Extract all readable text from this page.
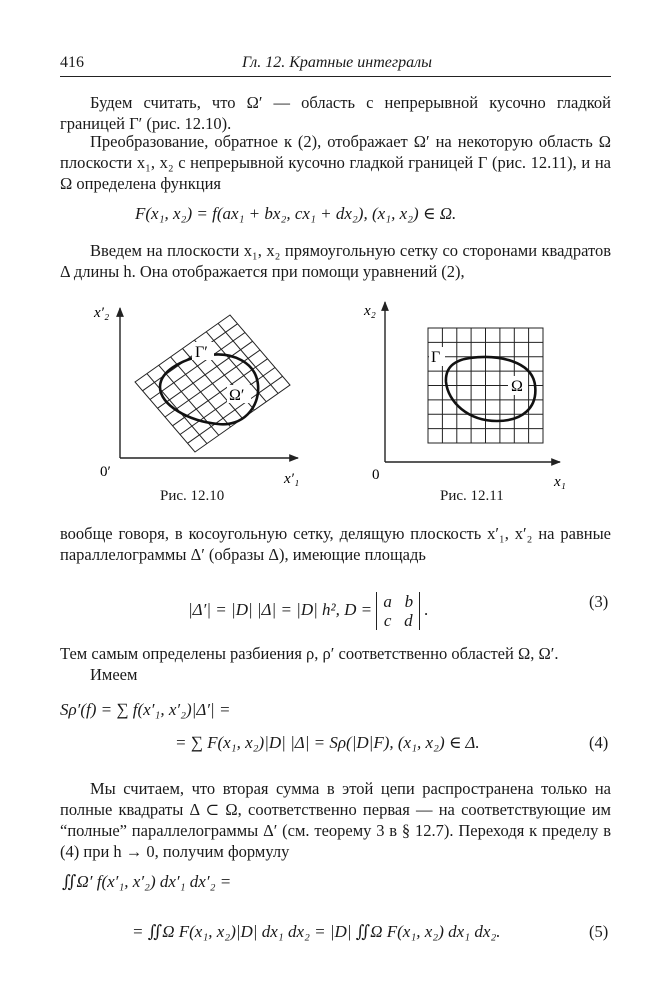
416	Гл. 12. Кратные интегралы
Будем считать, что Ω′ — область с непрерывной кусочно гладкой границей Γ′ (рис. 12.10).
Преобразование, обратное к (2), отображает Ω′ на некоторую область Ω плоскости x₁, x₂ с непрерывной кусочно гладкой границей Γ (рис. 12.11), и на Ω определена функция
F(x₁, x₂) = f(ax₁ + bx₂, cx₁ + dx₂), (x₁, x₂) ∈ Ω.
Введем на плоскости x₁, x₂ прямоугольную сетку со сторонами квадратов Δ длины h. Она отображается при помощи уравнений (2),
x′₂
x′₁
0′
Γ′
Ω′
x₂
x₁
0
Γ
Ω
Рис. 12.10	Рис. 12.11
вообще говоря, в косоугольную сетку, делящую плоскость x′₁, x′₂ на равные параллелограммы Δ′ (образы Δ), имеющие площадь
|Δ′| = |D| |Δ| = |D| h², D = a   b
c   d
.	(3)
Тем самым определены разбиения ρ, ρ′ соответственно областей Ω, Ω′.
Имеем
Sρ′(f) = ∑ f(x′₁, x′₂)|Δ′| =
= ∑ F(x₁, x₂)|D| |Δ| = Sρ(|D|F), (x₁, x₂) ∈ Δ.	(4)
Мы считаем, что вторая сумма в этой цепи распространена только на полные квадраты Δ ⊂ Ω, соответственно первая — на соответствующие им “полные” параллелограммы Δ′ (см. теорему 3 в § 12.7). Переходя к пределу в (4) при h → 0, получим формулу
∬Ω′ f(x′₁, x′₂) dx′₁ dx′₂ =
= ∬Ω F(x₁, x₂)|D| dx₁ dx₂ = |D| ∬Ω F(x₁, x₂) dx₁ dx₂.	(5)
